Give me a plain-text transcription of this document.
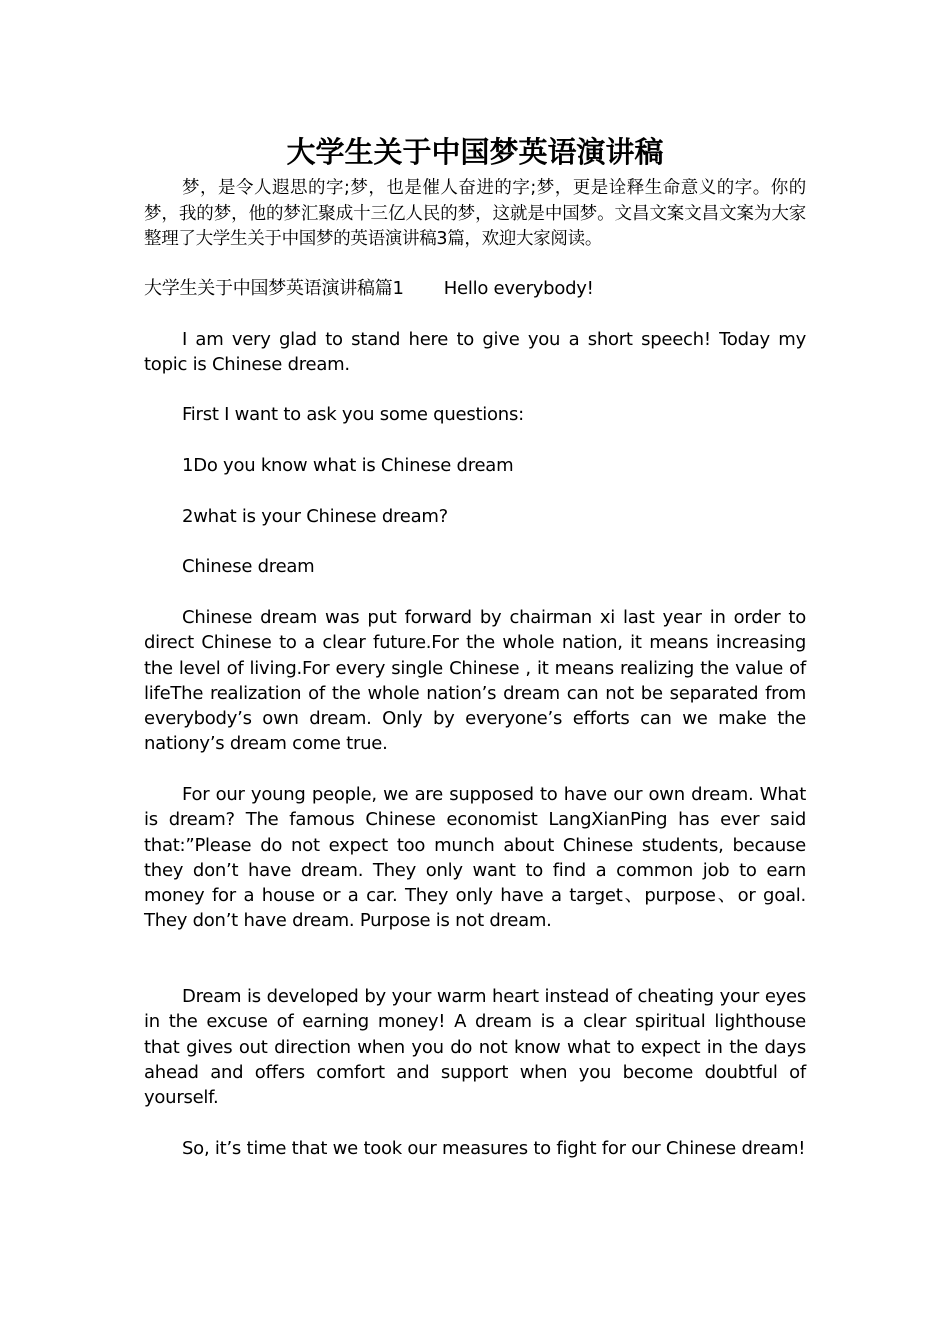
大学生关于中国梦英语演讲稿

梦，是令人遐思的字;梦，也是催人奋进的字;梦，更是诠释生命意义的字。你的梦，我的梦，他的梦汇聚成十三亿人民的梦，这就是中国梦。文昌文案文昌文案为大家整理了大学生关于中国梦的英语演讲稿3篇，欢迎大家阅读。

大学生关于中国梦英语演讲稿篇1 Hello everybody!

I am very glad to stand here to give you a short speech! Today my topic is Chinese dream.

First I want to ask you some questions:

1Do you know what is Chinese dream

2what is your Chinese dream?

Chinese dream

Chinese dream was put forward by chairman xi last year in order to direct Chinese to a clear future.For the whole nation, it means increasing the level of living.For every single Chinese , it means realizing the value of lifeThe realization of the whole nation’s dream can not be separated from everybody’s own dream. Only by everyone’s efforts can we make the nationy’s dream come true.

For our young people, we are supposed to have our own dream. What is dream? The famous Chinese economist LangXianPing has ever said that:”Please do not expect too munch about Chinese students, because they don’t have dream. They only want to find a common job to earn money for a house or a car. They only have a target、purpose、or goal. They don’t have dream. Purpose is not dream.

Dream is developed by your warm heart instead of cheating your eyes in the excuse of earning money! A dream is a clear spiritual lighthouse that gives out direction when you do not know what to expect in the days ahead and offers comfort and support when you become doubtful of yourself.

So, it’s time that we took our measures to fight for our Chinese dream!
